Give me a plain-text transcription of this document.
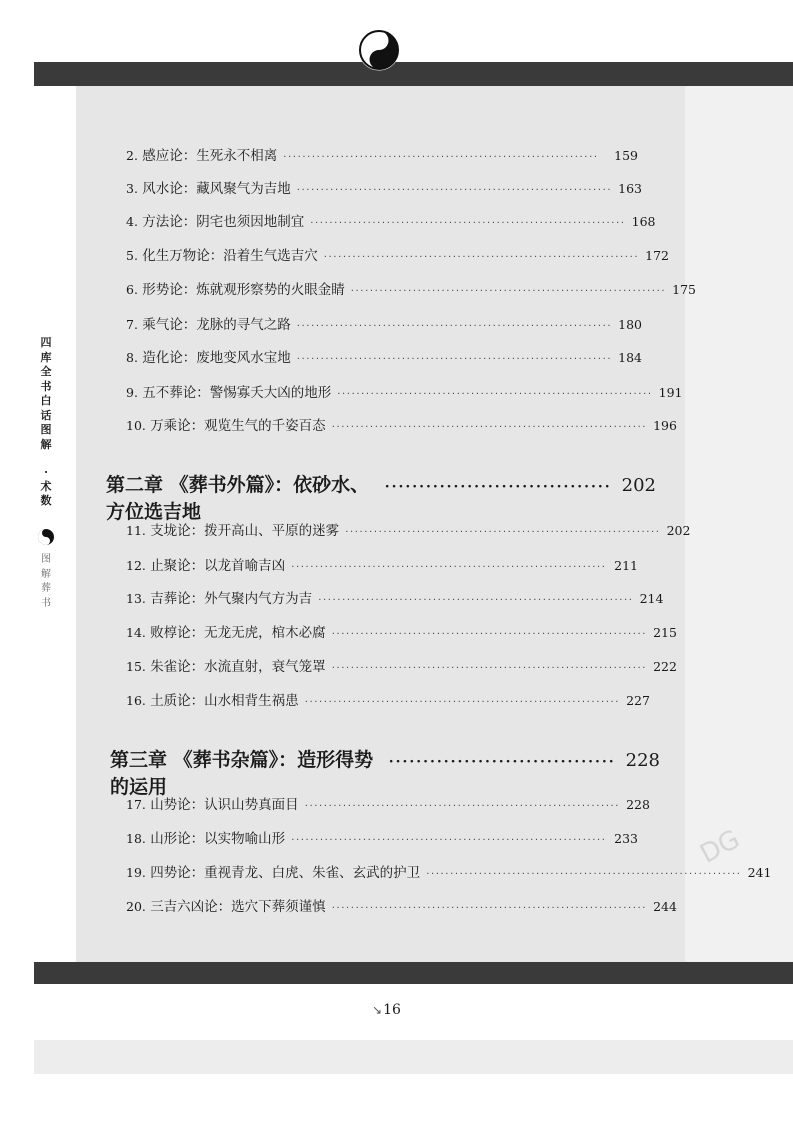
DG
四
库
全
书
白
话
图
解
·
术
数
图
解
葬
书
2.
感应论：生死永不相离 ··································································	159
3.
风水论：藏风聚气为吉地 ·································································· 163
4.
方法论：阴宅也须因地制宜 ·································································· 168
5.
化生万物论：沿着生气选吉穴 ·································································· 172
6.
形势论：炼就观形察势的火眼金睛 ·································································· 175
7.
乘气论：龙脉的寻气之路 ·································································· 180
8.
造化论：废地变风水宝地 ·································································· 184
9.
五不葬论：警惕寡夭大凶的地形 ·································································· 191
10.
万乘论：观览生气的千姿百态 ·································································· 196
第二章 《葬书外篇》：依砂水、方位选吉地
································· 202
11.
支垅论：拨开高山、平原的迷雾 ·································································· 202
12.
止聚论：以龙首喻吉凶 ·································································· 211
13.
吉葬论：外气聚内气方为吉 ·································································· 214
14.
败椁论：无龙无虎，棺木必腐 ·································································· 215
15.
朱雀论：水流直射，衰气笼罩 ·································································· 222
16.
土质论：山水相背生祸患 ·································································· 227
第三章 《葬书杂篇》：造形得势的运用
································· 228
17.
山势论：认识山势真面目 ·································································· 228
18.
山形论：以实物喻山形 ·································································· 233
19.
四势论：重视青龙、白虎、朱雀、玄武的护卫 ·································································· 241
20.
三吉六凶论：选穴下葬须谨慎 ·································································· 244
↘16
